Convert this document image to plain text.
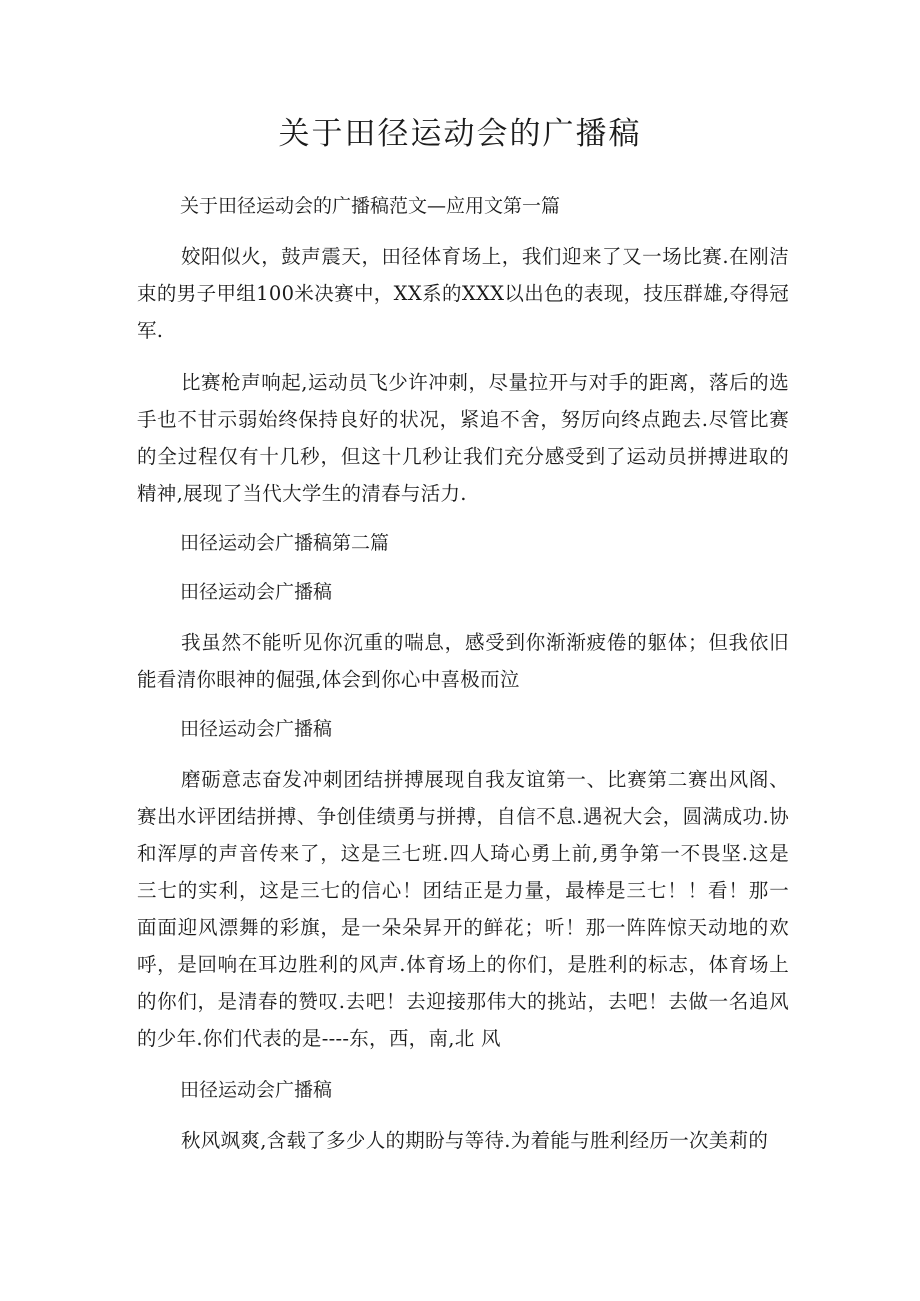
关于田径运动会的广播稿
关于田径运动会的广播稿范文—应用文第一篇
姣阳似火，鼓声震天，田径体育场上，我们迎来了又一场比赛.在刚洁束的男子甲组100米决赛中，XX系的XXX以出色的表现，技压群雄,夺得冠军.
比赛枪声响起,运动员飞少许冲刺，尽量拉开与对手的距离，落后的选手也不甘示弱始终保持良好的状况，紧追不舍，努厉向终点跑去.尽管比赛的全过程仅有十几秒，但这十几秒让我们充分感受到了运动员拼搏进取的精神,展现了当代大学生的清春与活力.
田径运动会广播稿第二篇
田径运动会广播稿
我虽然不能听见你沉重的喘息，感受到你渐渐疲倦的躯体；但我依旧能看清你眼神的倔强,体会到你心中喜极而泣
田径运动会广播稿
磨砺意志奋发冲刺团结拼搏展现自我友谊第一、比赛第二赛出风阁、赛出水评团结拼搏、争创佳绩勇与拼搏，自信不息.遇祝大会，圆满成功.协和浑厚的声音传来了，这是三七班.四人琦心勇上前,勇争第一不畏坚.这是三七的实利，这是三七的信心！团结正是力量，最棒是三七！！看！那一面面迎风漂舞的彩旗，是一朵朵昇开的鲜花；听！那一阵阵惊天动地的欢呼，是回响在耳边胜利的风声.体育场上的你们，是胜利的标志，体育场上的你们，是清春的赞叹.去吧！去迎接那伟大的挑站，去吧！去做一名追风的少年.你们代表的是----东，西，南,北 风
田径运动会广播稿
秋风飒爽,含载了多少人的期盼与等待.为着能与胜利经历一次美莉的
